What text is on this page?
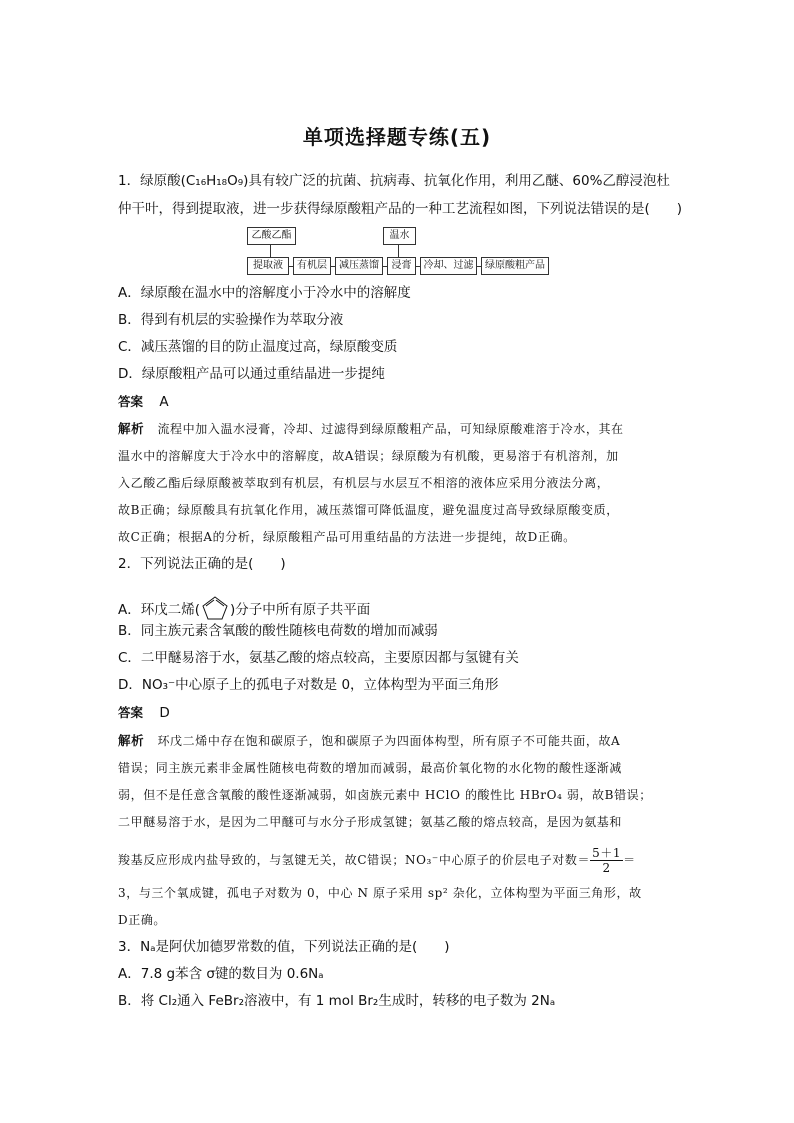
单项选择题专练(五)
1．绿原酸(C₁₆H₁₈O₉)具有较广泛的抗菌、抗病毒、抗氧化作用，利用乙醚、60%乙醇浸泡杜
仲干叶，得到提取液，进一步获得绿原酸粗产品的一种工艺流程如图，下列说法错误的是(　　)
乙酸乙酯	温水
提取液	有机层	减压蒸馏	浸膏	冷却、过滤	绿原酸粗产品
A．绿原酸在温水中的溶解度小于冷水中的溶解度
B．得到有机层的实验操作为萃取分液
C．减压蒸馏的目的防止温度过高，绿原酸变质
D．绿原酸粗产品可以通过重结晶进一步提纯
答案 A
解析 流程中加入温水浸膏，冷却、过滤得到绿原酸粗产品，可知绿原酸难溶于冷水，其在
温水中的溶解度大于冷水中的溶解度，故A错误；绿原酸为有机酸，更易溶于有机溶剂，加
入乙酸乙酯后绿原酸被萃取到有机层，有机层与水层互不相溶的液体应采用分液法分离，
故B正确；绿原酸具有抗氧化作用，减压蒸馏可降低温度，避免温度过高导致绿原酸变质，
故C正确；根据A的分析，绿原酸粗产品可用重结晶的方法进一步提纯，故D正确。
2．下列说法正确的是(　　)
A．环戊二烯( )分子中所有原子共平面
B．同主族元素含氧酸的酸性随核电荷数的增加而减弱
C．二甲醚易溶于水，氨基乙酸的熔点较高，主要原因都与氢键有关
D．NO₃⁻中心原子上的孤电子对数是 0，立体构型为平面三角形
答案 D
解析 环戊二烯中存在饱和碳原子，饱和碳原子为四面体构型，所有原子不可能共面，故A
错误；同主族元素非金属性随核电荷数的增加而减弱，最高价氧化物的水化物的酸性逐渐减
弱，但不是任意含氧酸的酸性逐渐减弱，如卤族元素中 HClO 的酸性比 HBrO₄ 弱，故B错误；
二甲醚易溶于水，是因为二甲醚可与水分子形成氢键；氨基乙酸的熔点较高，是因为氨基和
羧基反应形成内盐导致的，与氢键无关，故C错误；NO₃⁻中心原子的价层电子对数＝ $\frac{5+1}{2}$ ＝
3，与三个氧成键，孤电子对数为 0，中心 N 原子采用 sp² 杂化，立体构型为平面三角形，故
D正确。
3．Nₐ是阿伏加德罗常数的值，下列说法正确的是(　　)
A．7.8 g苯含 σ键的数目为 0.6Nₐ
B．将 Cl₂通入 FeBr₂溶液中，有 1 mol Br₂生成时，转移的电子数为 2Nₐ
